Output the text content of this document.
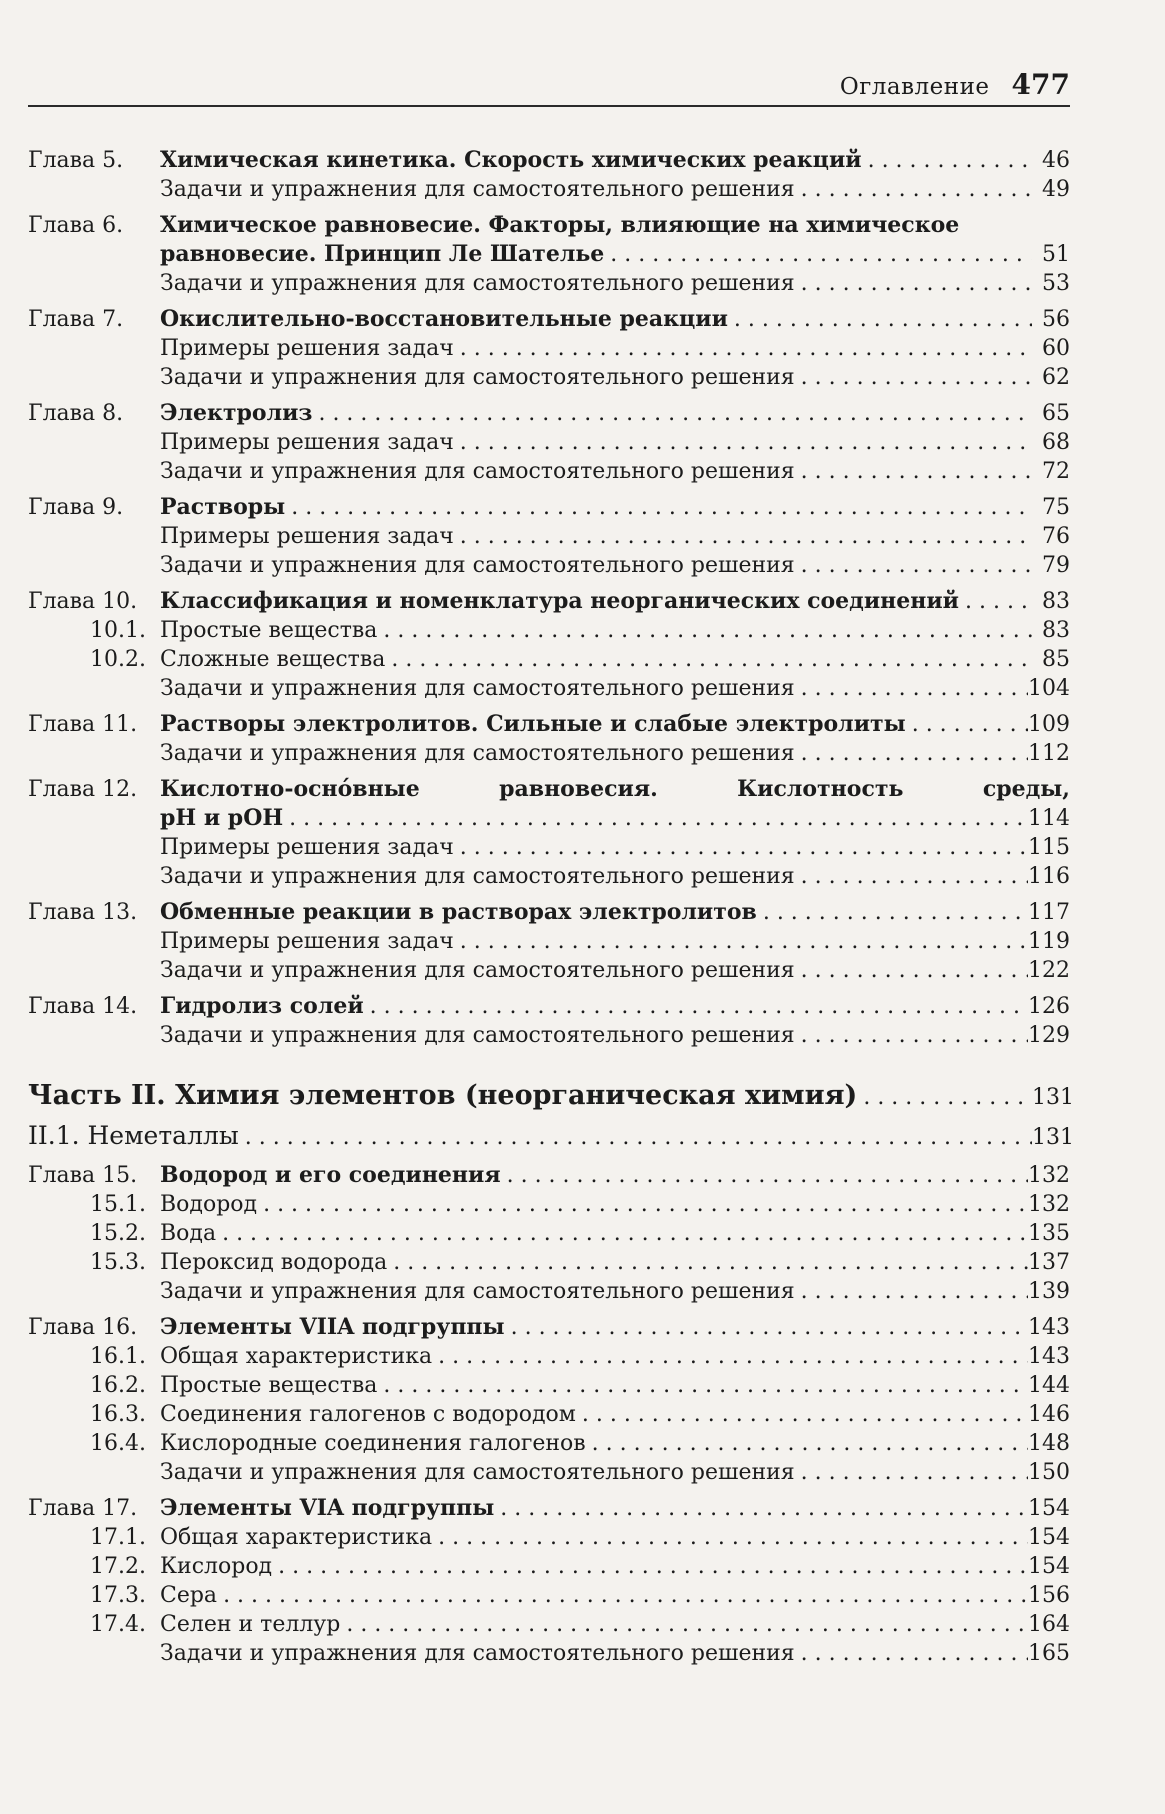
Оглавление 477
Глава 5.	Химическая кинетика. Скорость химических реакций . . .	46
Задачи и упражнения для самостоятельного решения . . .	49
Глава 6.	Химическое равновесие. Факторы, влияющие на химическое
равновесие. Принцип Ле Шателье . . .	51
Задачи и упражнения для самостоятельного решения . . .	53
Глава 7.	Окислительно-восстановительные реакции . . .	56
Примеры решения задач . . .	60
Задачи и упражнения для самостоятельного решения . . .	62
Глава 8.	Электролиз . . .	65
Примеры решения задач . . .	68
Задачи и упражнения для самостоятельного решения . . .	72
Глава 9.	Растворы . . .	75
Примеры решения задач . . .	76
Задачи и упражнения для самостоятельного решения . . .	79
Глава 10.	Классификация и номенклатура неорганических соединений . . .	83
10.1. Простые вещества . . .	83
10.2. Сложные вещества . . .	85
Задачи и упражнения для самостоятельного решения . . .	104
Глава 11.	Растворы электролитов. Сильные и слабые электролиты . . .	109
Задачи и упражнения для самостоятельного решения . . .	112
Глава 12.	Кислотно-осно́вные	равновесия.	Кислотность	среды,
pH и pOH . . .	114
Примеры решения задач . . .	115
Задачи и упражнения для самостоятельного решения . . .	116
Глава 13.	Обменные реакции в растворах электролитов . . .	117
Примеры решения задач . . .	119
Задачи и упражнения для самостоятельного решения . . .	122
Глава 14.	Гидролиз солей . . .	126
Задачи и упражнения для самостоятельного решения . . .	129
Часть II. Химия элементов (неорганическая химия) . . .	131
II.1. Неметаллы . . .	131
Глава 15.	Водород и его соединения . . .	132
15.1. Водород . . .	132
15.2. Вода . . .	135
15.3. Пероксид водорода . . .	137
Задачи и упражнения для самостоятельного решения . . .	139
Глава 16.	Элементы VIIA подгруппы . . .	143
16.1. Общая характеристика . . .	143
16.2. Простые вещества . . .	144
16.3. Соединения галогенов с водородом . . .	146
16.4. Кислородные соединения галогенов . . .	148
Задачи и упражнения для самостоятельного решения . . .	150
Глава 17.	Элементы VIA подгруппы . . .	154
17.1. Общая характеристика . . .	154
17.2. Кислород . . .	154
17.3. Сера . . .	156
17.4. Селен и теллур . . .	164
Задачи и упражнения для самостоятельного решения . . .	165
